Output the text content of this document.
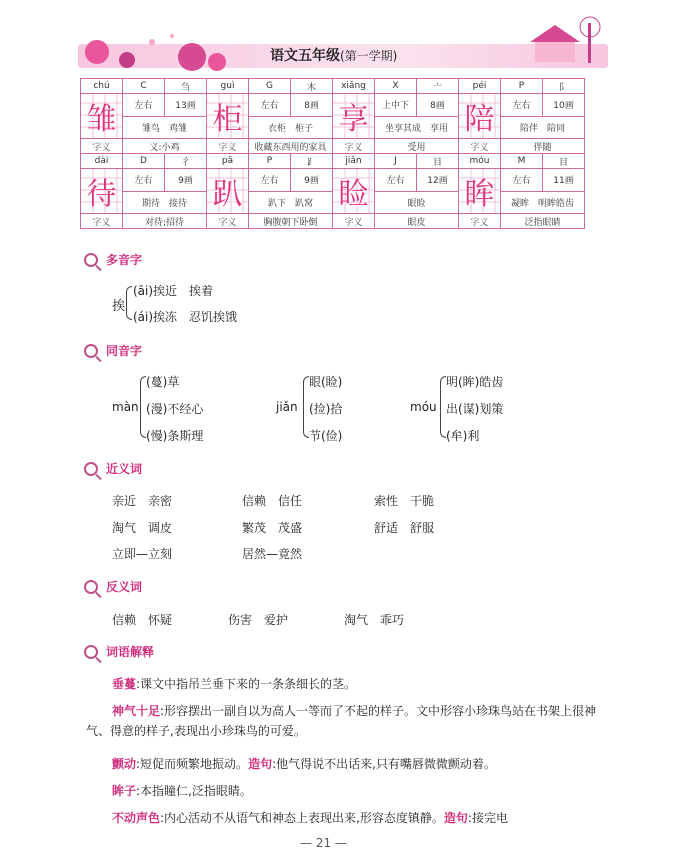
语文五年级(第一学期)
chú	C	刍	guì	G	木	xiǎng	X	亠	péi	P	阝
雏	左右	13画	柜	左右	8画	享	上中下	8画	陪	左右	10画
	雏鸟　鸡雏			衣柜　柜子			坐享其成　享用			陪伴　陪同	
字义	义:小鸡		字义	收藏东西用的家具		字义	受用		字义	伴随	
dài	D	彳	pā	P	⻊	jiǎn	J	目	móu	M	目
待	左右	9画	趴	左右	9画	睑	左右	12画	眸	左右	11画
	期待　接待			趴下　趴窝			眼睑			凝眸　明眸皓齿	
字义	对待;招待		字义	胸腹朝下卧倒		字义	眼皮		字义	泛指眼睛	
多音字
挨
(āi)挨近　挨着
(ái)挨冻　忍饥挨饿
同音字
màn
(蔓)草
(漫)不经心
(慢)条斯理
jiǎn
眼(睑)
(捡)拾
节(俭)
móu
明(眸)皓齿
出(谋)划策
(牟)利
近义词
亲近　亲密	信赖　信任	索性　干脆
淘气　调皮	繁茂　茂盛	舒适　舒服
立即—立刻	居然—竟然
反义词
信赖　怀疑	伤害　爱护	淘气　乖巧
词语解释
垂蔓:课文中指吊兰垂下来的一条条细长的茎。
神气十足:形容摆出一副自以为高人一等而了不起的样子。文中形容小珍珠鸟站在书架上很神气、得意的样子,表现出小珍珠鸟的可爱。
颤动:短促而频繁地振动。造句:他气得说不出话来,只有嘴唇微微颤动着。
眸子:本指瞳仁,泛指眼睛。
不动声色:内心活动不从语气和神态上表现出来,形容态度镇静。造句:接完电
— 21 —
